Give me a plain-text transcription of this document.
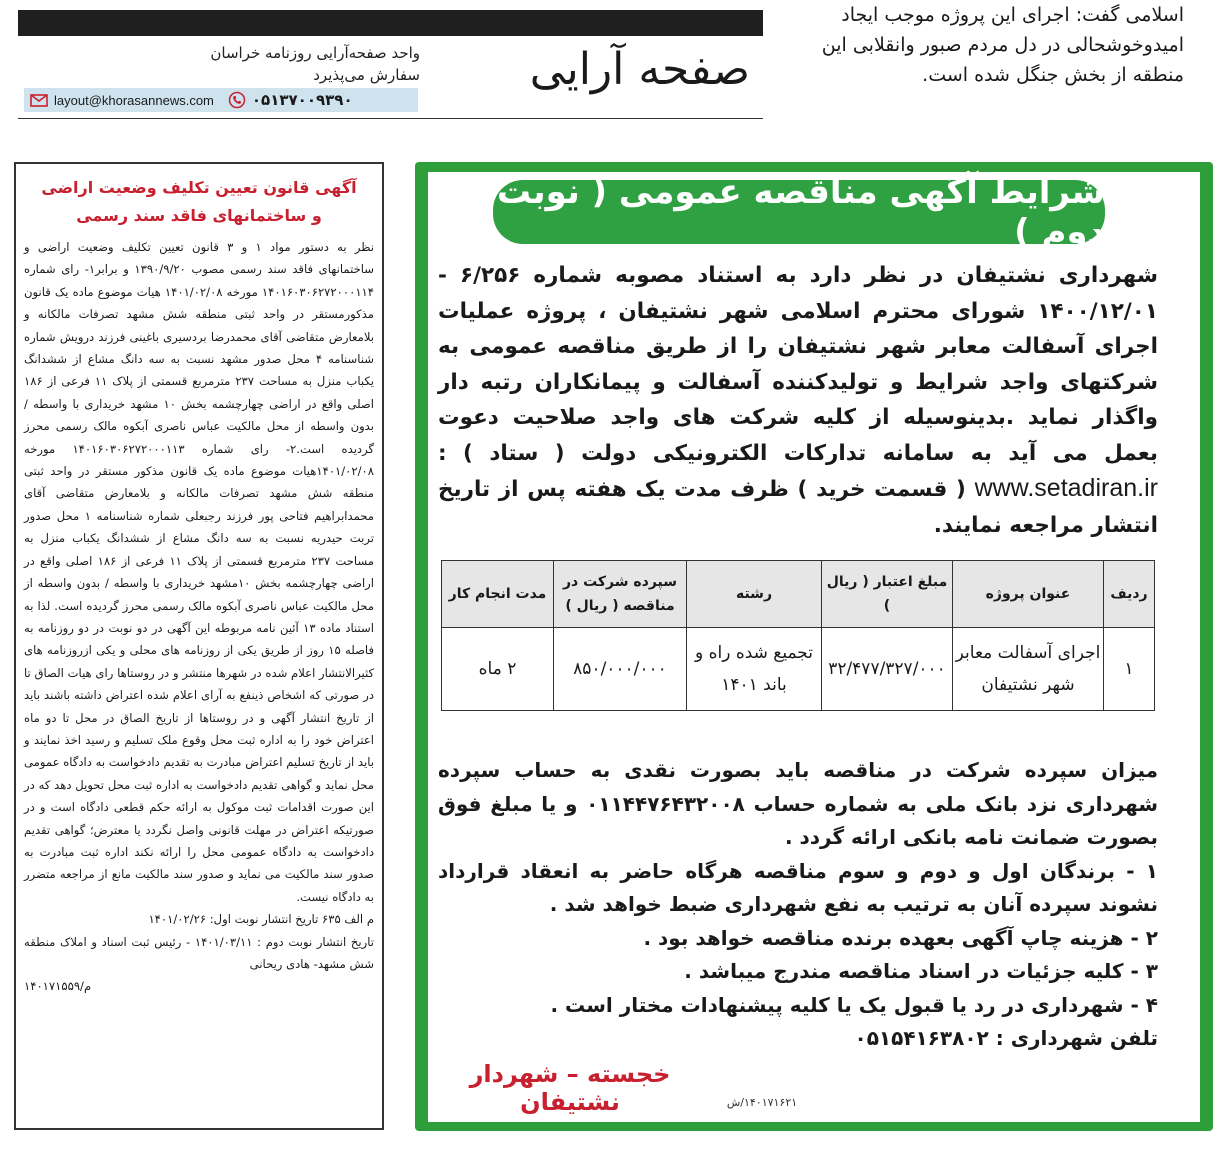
اسلامی گفت: اجرای این پروژه موجب ایجاد
امیدوخوشحالی در دل مردم صبور وانقلابی این
منطقه از بخش جنگل شده است.
صفحه آرایی
واحد صفحه‌آرایی روزنامه خراسان
سفارش می‌پذیرد
layout@khorasannews.com	۰۵۱۳۷۰۰۹۳۹۰
آگهی قانون تعیین تکلیف وضعیت اراضی
و ساختمانهای فاقد سند رسمی
نظر به دستور مواد ۱ و ۳ قانون تعیین تکلیف وضعیت اراضی و ساختمانهای فاقد سند رسمی مصوب ۱۳۹۰/۹/۲۰ و برابر۱- رای شماره ۱۴۰۱۶۰۳۰۶۲۷۲۰۰۰۱۱۴ مورخه ۱۴۰۱/۰۲/۰۸ هیات موضوع ماده یک قانون مذکورمستقر در واحد ثبتی منطقه شش مشهد تصرفات مالکانه و بلامعارض متقاضی آقای محمدرضا بردسیری باغینی فرزند درویش شماره شناسنامه ۴ محل صدور مشهد نسبت به سه دانگ مشاع از ششدانگ یکباب منزل به مساحت ۲۳۷ مترمربع قسمتی از پلاک ۱۱ فرعی از ۱۸۶ اصلی واقع در اراضی چهارچشمه بخش ۱۰ مشهد خریداری با واسطه / بدون واسطه از محل مالکیت عباس ناصری آبکوه مالک رسمی محرز گردیده است.۲- رای شماره ۱۴۰۱۶۰۳۰۶۲۷۲۰۰۰۱۱۳ مورخه ۱۴۰۱/۰۲/۰۸هیات موضوع ماده یک قانون مذکور مستقر در واحد ثبتی منطقه شش مشهد تصرفات مالکانه و بلامعارض متقاضی آقای محمدابراهیم فتاحی پور فرزند رجبعلی شماره شناسنامه ۱ محل صدور تربت حیدریه نسبت به سه دانگ مشاع از ششدانگ یکباب منزل به مساحت ۲۳۷ مترمربع قسمتی از پلاک ۱۱ فرعی از ۱۸۶ اصلی واقع در اراضی چهارچشمه بخش ۱۰مشهد خریداری با واسطه / بدون واسطه از محل مالکیت عباس ناصری آبکوه مالک رسمی محرز گردیده است. لذا به استناد ماده ۱۳ آئین نامه مربوطه این آگهی در دو نوبت در دو روزنامه به فاصله ۱۵ روز از طریق یکی از روزنامه های محلی و یکی ازروزنامه های کثیرالانتشار اعلام شده در شهرها منتشر و در روستاها رای هیات الصاق تا در صورتی که اشخاص ذینفع به آرای اعلام شده اعتراض داشته باشند باید از تاریخ انتشار آگهی و در روستاها از تاریخ الصاق در محل تا دو ماه اعتراض خود را به اداره ثبت محل وقوع ملک تسلیم و رسید اخذ نمایند و باید از تاریخ تسلیم اعتراض مبادرت به تقدیم دادخواست به دادگاه عمومی محل نماید و گواهی تقدیم دادخواست به اداره ثبت محل تحویل دهد که در این صورت اقدامات ثبت موکول به ارائه حکم قطعی دادگاه است و در صورتیکه اعتراض در مهلت قانونی واصل نگردد یا معترض؛ گواهی تقدیم دادخواست به دادگاه عمومی محل را ارائه نکند اداره ثبت مبادرت به صدور سند مالکیت می نماید و صدور سند مالکیت مانع از مراجعه متضرر به دادگاه نیست.
م الف ۶۳۵ تاریخ انتشار نوبت اول: ۱۴۰۱/۰۲/۲۶
تاریخ انتشار نوبت دوم : ۱۴۰۱/۰۳/۱۱ - رئیس ثبت اسناد و املاک منطقه شش مشهد- هادی ریحانی
۱۴۰۱۷۱۵۵۹/م
شرایط آگهی مناقصه عمومی ( نوبت دوم )
شهرداری نشتیفان در نظر دارد به استناد مصوبه شماره ۶/۲۵۶ - ۱۴۰۰/۱۲/۰۱ شورای محترم اسلامی شهر نشتیفان ، پروژه عملیات اجرای آسفالت معابر شهر نشتیفان را از طریق مناقصه عمومی به شرکتهای واجد شرایط و تولیدکننده آسفالت و پیمانکاران رتبه دار واگذار نماید .بدینوسیله از کلیه شرکت های واجد صلاحیت دعوت بعمل می آید به سامانه تدارکات الکترونیکی دولت ( ستاد ) : www.setadiran.ir ( قسمت خرید ) ظرف مدت یک هفته پس از تاریخ انتشار مراجعه نمایند.
ردیف	عنوان پروژه	مبلغ اعتبار ( ریال )	رشته	سپرده شرکت در مناقصه ( ریال )	مدت انجام کار
۱	اجرای آسفالت معابر شهر نشتیفان	۳۲/۴۷۷/۳۲۷/۰۰۰	تجمیع شده راه و باند ۱۴۰۱	۸۵۰/۰۰۰/۰۰۰	۲ ماه

میزان سپرده شرکت در مناقصه باید بصورت نقدی به حساب سپرده شهرداری نزد بانک ملی به شماره حساب ۰۱۱۴۴۷۶۴۳۲۰۰۸ و یا مبلغ فوق بصورت ضمانت نامه بانکی ارائه گردد .

۱ - برندگان اول و دوم و سوم مناقصه هرگاه حاضر به انعقاد قرارداد نشوند سپرده آنان به ترتیب به نفع شهرداری ضبط خواهد شد .

۲ - هزینه چاپ آگهی بعهده برنده مناقصه خواهد بود .

۳ - کلیه جزئیات در اسناد مناقصه مندرج میباشد .

۴ - شهرداری در رد یا قبول یک یا کلیه پیشنهادات مختار است .

تلفن شهرداری : ۰۵۱۵۴۱۶۳۸۰۲

خجسته – شهردار نشتیفان	۱۴۰۱۷۱۶۲۱/ش
